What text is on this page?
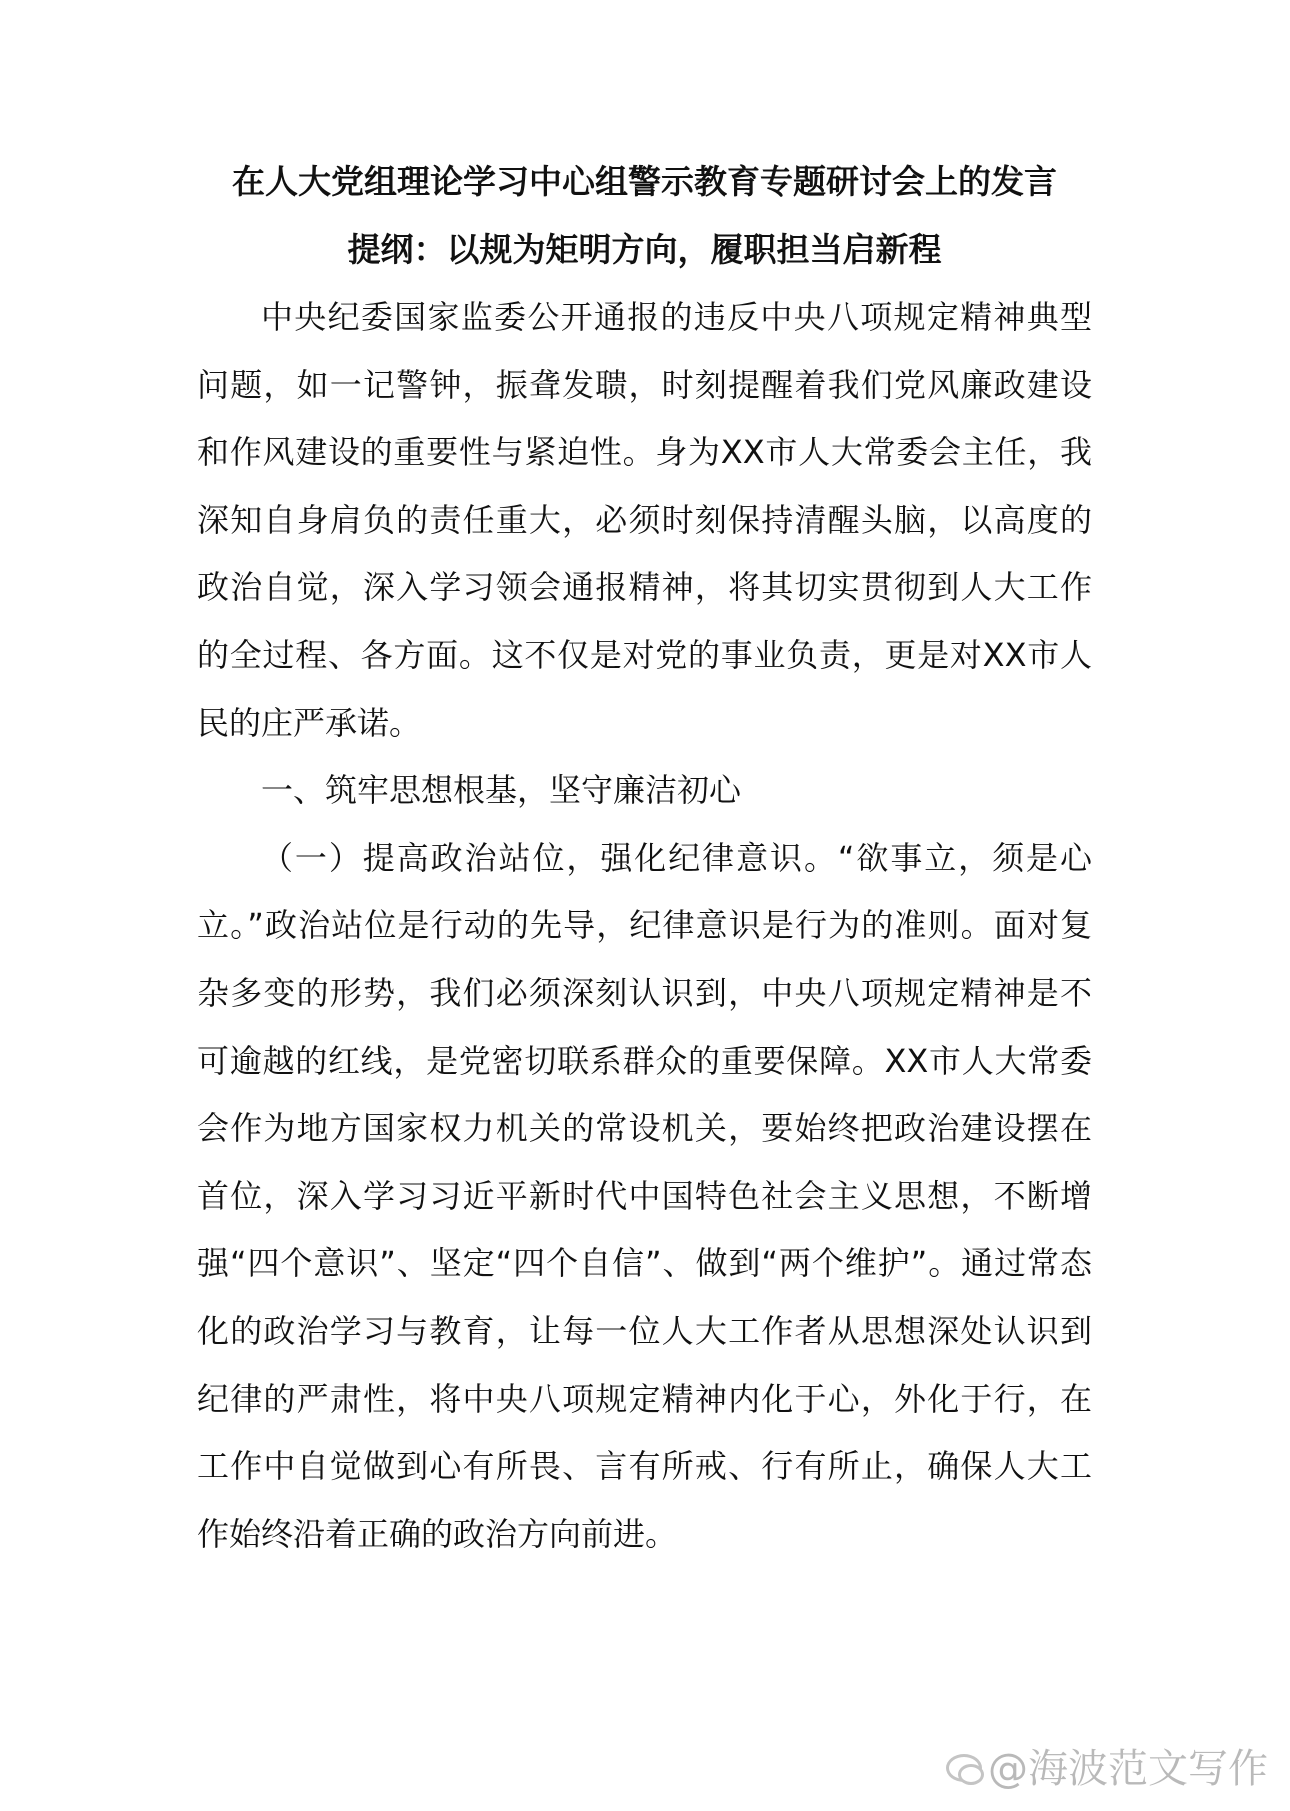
在人大党组理论学习中心组警示教育专题研讨会上的发言
提纲：以规为矩明方向，履职担当启新程

中央纪委国家监委公开通报的违反中央八项规定精神典型问题，如一记警钟，振聋发聩，时刻提醒着我们党风廉政建设和作风建设的重要性与紧迫性。身为XX市人大常委会主任，我深知自身肩负的责任重大，必须时刻保持清醒头脑，以高度的政治自觉，深入学习领会通报精神，将其切实贯彻到人大工作的全过程、各方面。这不仅是对党的事业负责，更是对XX市人民的庄严承诺。

一、筑牢思想根基，坚守廉洁初心

（一）提高政治站位，强化纪律意识。“欲事立，须是心立。”政治站位是行动的先导，纪律意识是行为的准则。面对复杂多变的形势，我们必须深刻认识到，中央八项规定精神是不可逾越的红线，是党密切联系群众的重要保障。XX市人大常委会作为地方国家权力机关的常设机关，要始终把政治建设摆在首位，深入学习习近平新时代中国特色社会主义思想，不断增强“四个意识”、坚定“四个自信”、做到“两个维护”。通过常态化的政治学习与教育，让每一位人大工作者从思想深处认识到纪律的严肃性，将中央八项规定精神内化于心，外化于行，在工作中自觉做到心有所畏、言有所戒、行有所止，确保人大工作始终沿着正确的政治方向前进。

@海波范文写作
